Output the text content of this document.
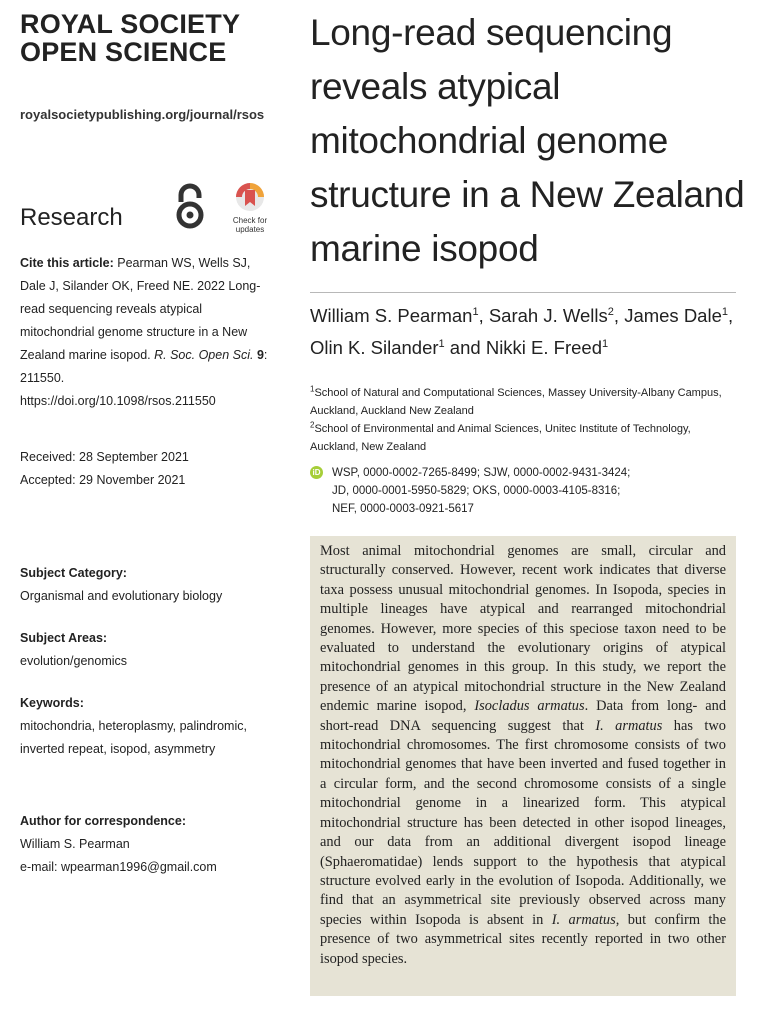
ROYAL SOCIETY
OPEN SCIENCE
royalsocietypublishing.org/journal/rsos
Research	Check for
updates
Cite this article: Pearman WS, Wells SJ, Dale J, Silander OK, Freed NE. 2022 Long-read sequencing reveals atypical mitochondrial genome structure in a New Zealand marine isopod. R. Soc. Open Sci. 9: 211550.
https://doi.org/10.1098/rsos.211550
Received: 28 September 2021
Accepted: 29 November 2021
Subject Category:
Organismal and evolutionary biology
Subject Areas:
evolution/genomics
Keywords:
mitochondria, heteroplasmy, palindromic, inverted repeat, isopod, asymmetry
Author for correspondence:
William S. Pearman
e-mail: wpearman1996@gmail.com
Long-read sequencing reveals atypical mitochondrial genome structure in a New Zealand marine isopod
William S. Pearman$^1$, Sarah J. Wells$^2$, James Dale$^1$,
Olin K. Silander$^1$ and Nikki E. Freed$^1$
$^1$School of Natural and Computational Sciences, Massey University-Albany Campus, Auckland, Auckland New Zealand
$^2$School of Environmental and Animal Sciences, Unitec Institute of Technology, Auckland, New Zealand
iD WSP, 0000-0002-7265-8499; SJW, 0000-0002-9431-3424;
JD, 0000-0001-5950-5829; OKS, 0000-0003-4105-8316;
NEF, 0000-0003-0921-5617
Most animal mitochondrial genomes are small, circular and structurally conserved. However, recent work indicates that diverse taxa possess unusual mitochondrial genomes. In Isopoda, species in multiple lineages have atypical and rearranged mitochondrial genomes. However, more species of this speciose taxon need to be evaluated to understand the evolutionary origins of atypical mitochondrial genomes in this group. In this study, we report the presence of an atypical mitochondrial structure in the New Zealand endemic marine isopod, Isocladus armatus. Data from long- and short-read DNA sequencing suggest that I. armatus has two mitochondrial chromosomes. The first chromosome consists of two mitochondrial genomes that have been inverted and fused together in a circular form, and the second chromosome consists of a single mitochondrial genome in a linearized form. This atypical mitochondrial structure has been detected in other isopod lineages, and our data from an additional divergent isopod lineage (Sphaeromatidae) lends support to the hypothesis that atypical structure evolved early in the evolution of Isopoda. Additionally, we find that an asymmetrical site previously observed across many species within Isopoda is absent in I. armatus, but confirm the presence of two asymmetrical sites recently reported in two other isopod species.
